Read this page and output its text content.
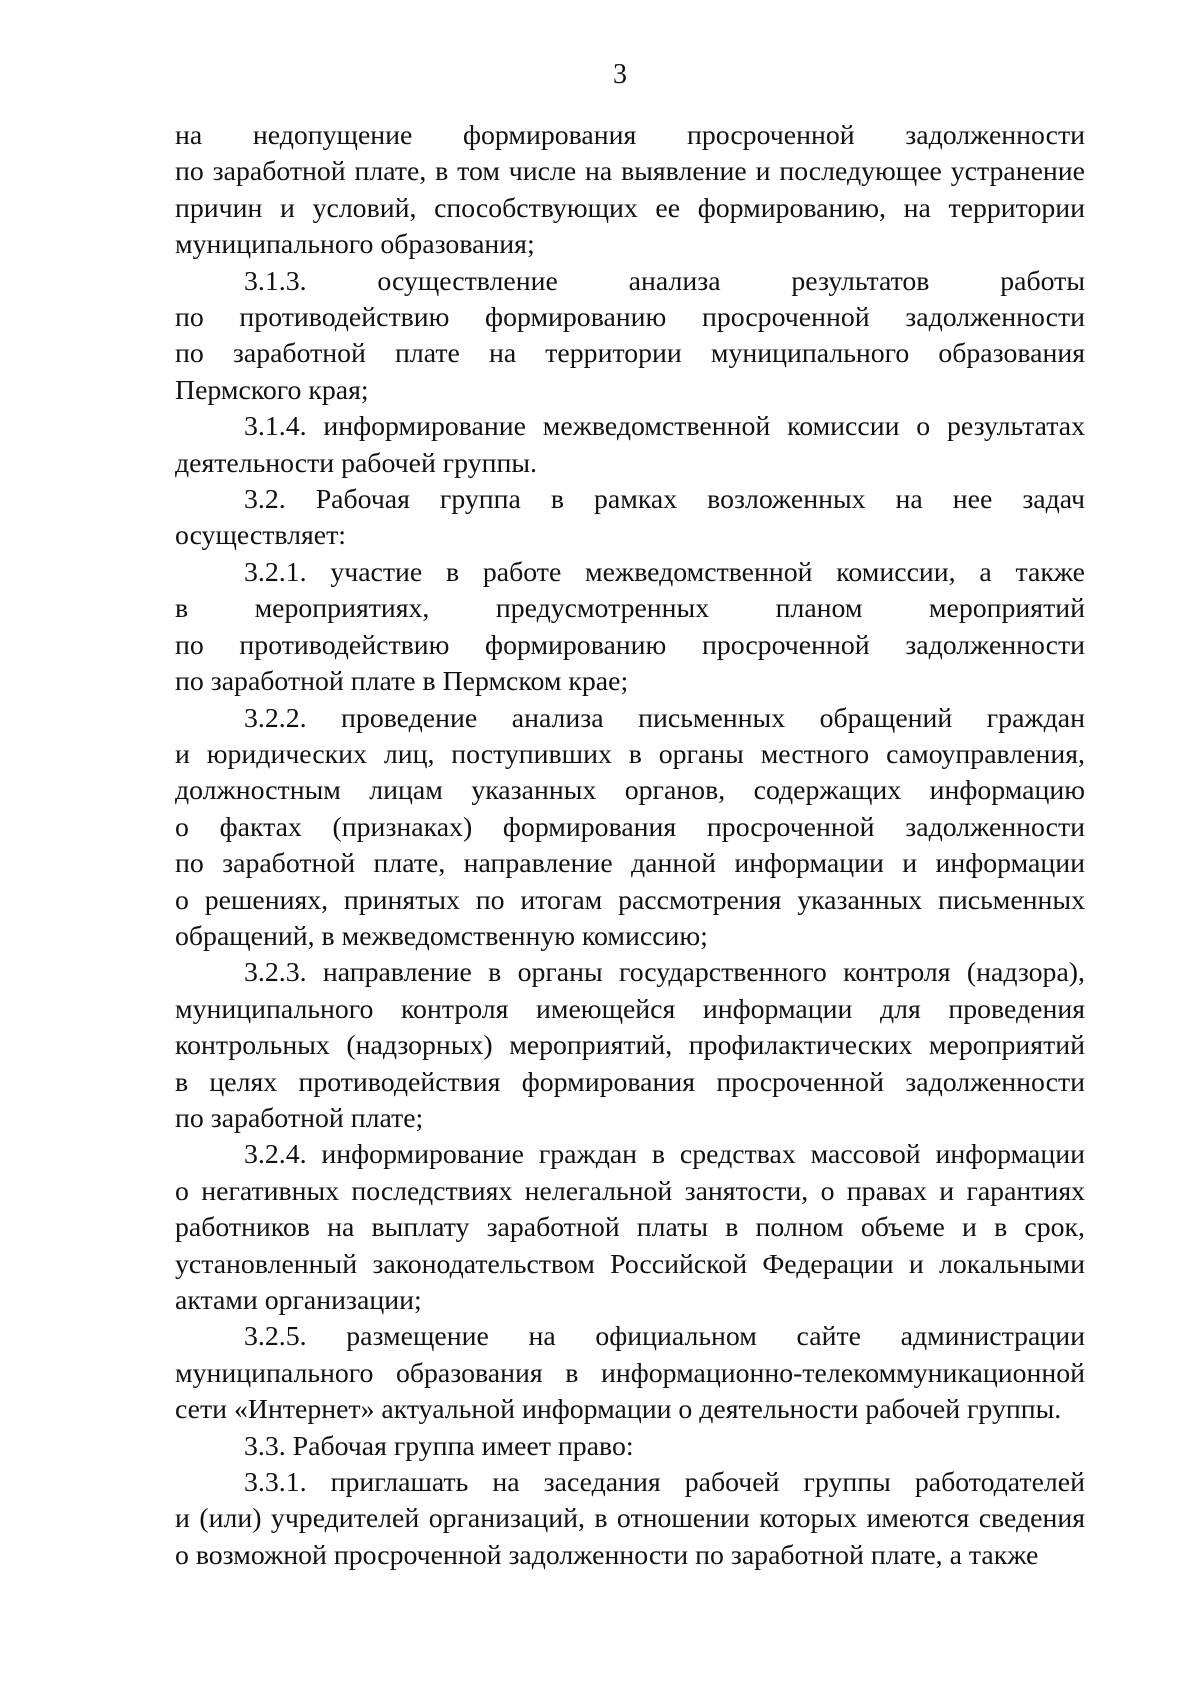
3
на недопущение формирования просроченной задолженности
по заработной плате, в том числе на выявление и последующее устранение
причин и условий, способствующих ее формированию, на территории
муниципального образования;
3.1.3. осуществление анализа результатов работы
по противодействию формированию просроченной задолженности
по заработной плате на территории муниципального образования
Пермского края;
3.1.4. информирование межведомственной комиссии о результатах
деятельности рабочей группы.
3.2. Рабочая группа в рамках возложенных на нее задач
осуществляет:
3.2.1. участие в работе межведомственной комиссии, а также
в мероприятиях, предусмотренных планом мероприятий
по противодействию формированию просроченной задолженности
по заработной плате в Пермском крае;
3.2.2. проведение анализа письменных обращений граждан
и юридических лиц, поступивших в органы местного самоуправления,
должностным лицам указанных органов, содержащих информацию
о фактах (признаках) формирования просроченной задолженности
по заработной плате, направление данной информации и информации
о решениях, принятых по итогам рассмотрения указанных письменных
обращений, в межведомственную комиссию;
3.2.3. направление в органы государственного контроля (надзора),
муниципального контроля имеющейся информации для проведения
контрольных (надзорных) мероприятий, профилактических мероприятий
в целях противодействия формирования просроченной задолженности
по заработной плате;
3.2.4. информирование граждан в средствах массовой информации
о негативных последствиях нелегальной занятости, о правах и гарантиях
работников на выплату заработной платы в полном объеме и в срок,
установленный законодательством Российской Федерации и локальными
актами организации;
3.2.5. размещение на официальном сайте администрации
муниципального образования в информационно-телекоммуникационной
сети «Интернет» актуальной информации о деятельности рабочей группы.
3.3. Рабочая группа имеет право:
3.3.1. приглашать на заседания рабочей группы работодателей
и (или) учредителей организаций, в отношении которых имеются сведения
о возможной просроченной задолженности по заработной плате, а также
